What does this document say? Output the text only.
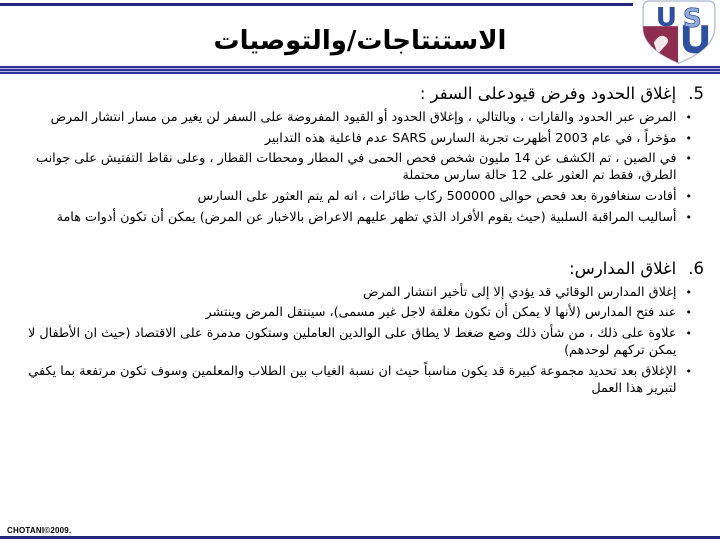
U S
الاستنتاجات/والتوصيات
5.إغلاق الحدود وفرض قيودعلى السفر :
•
المرض عبر الحدود والقارات ، وبالتالي ، وإغلاق الحدود أو القيود المفروضة على السفر لن يغير من مسار انتشار المرض
•
مؤخراً ، في عام 2003 أظهرت تجربة السارس SARS عدم فاعلية هذه التدابير
•
في الصين ، تم الكشف عن 14 مليون شخص فحص الحمى في المطار ومحطات القطار ، وعلى نقاط التفتيش على جوانب الطرق، فقط تم العثور على 12 حالة سارس محتملة
•
أفادت سنغافورة بعد فحص حوالى 500000 ركاب طائرات ، انه لم يتم العثور على السارس
•
أساليب المراقبة السلبية (حيث يقوم الأفراد الذي تظهر عليهم الاعراض بالاخبار عن المرض) يمكن أن تكون أدوات هامة
6.اغلاق المدارس:
•
إغلاق المدارس الوقائي قد يؤدي إلا إلى تأخير انتشار المرض
•
عند فتح المدارس (لأنها لا يمكن أن تكون مغلقة لاجل غير مسمى)، سينتقل المرض وينتشر
•
علاوة على ذلك ، من شأن ذلك وضع ضغط لا يطاق على الوالدين العاملين وستكون مدمرة على الاقتصاد (حيث ان الأطفال لا يمكن تركهم لوحدهم)
•
الإغلاق بعد تحديد مجموعة كبيرة قد يكون مناسباً حيث ان نسبة الغياب بين الطلاب والمعلمين وسوف تكون مرتفعة بما يكفي لتبرير هذا العمل
CHOTANI©2009.
